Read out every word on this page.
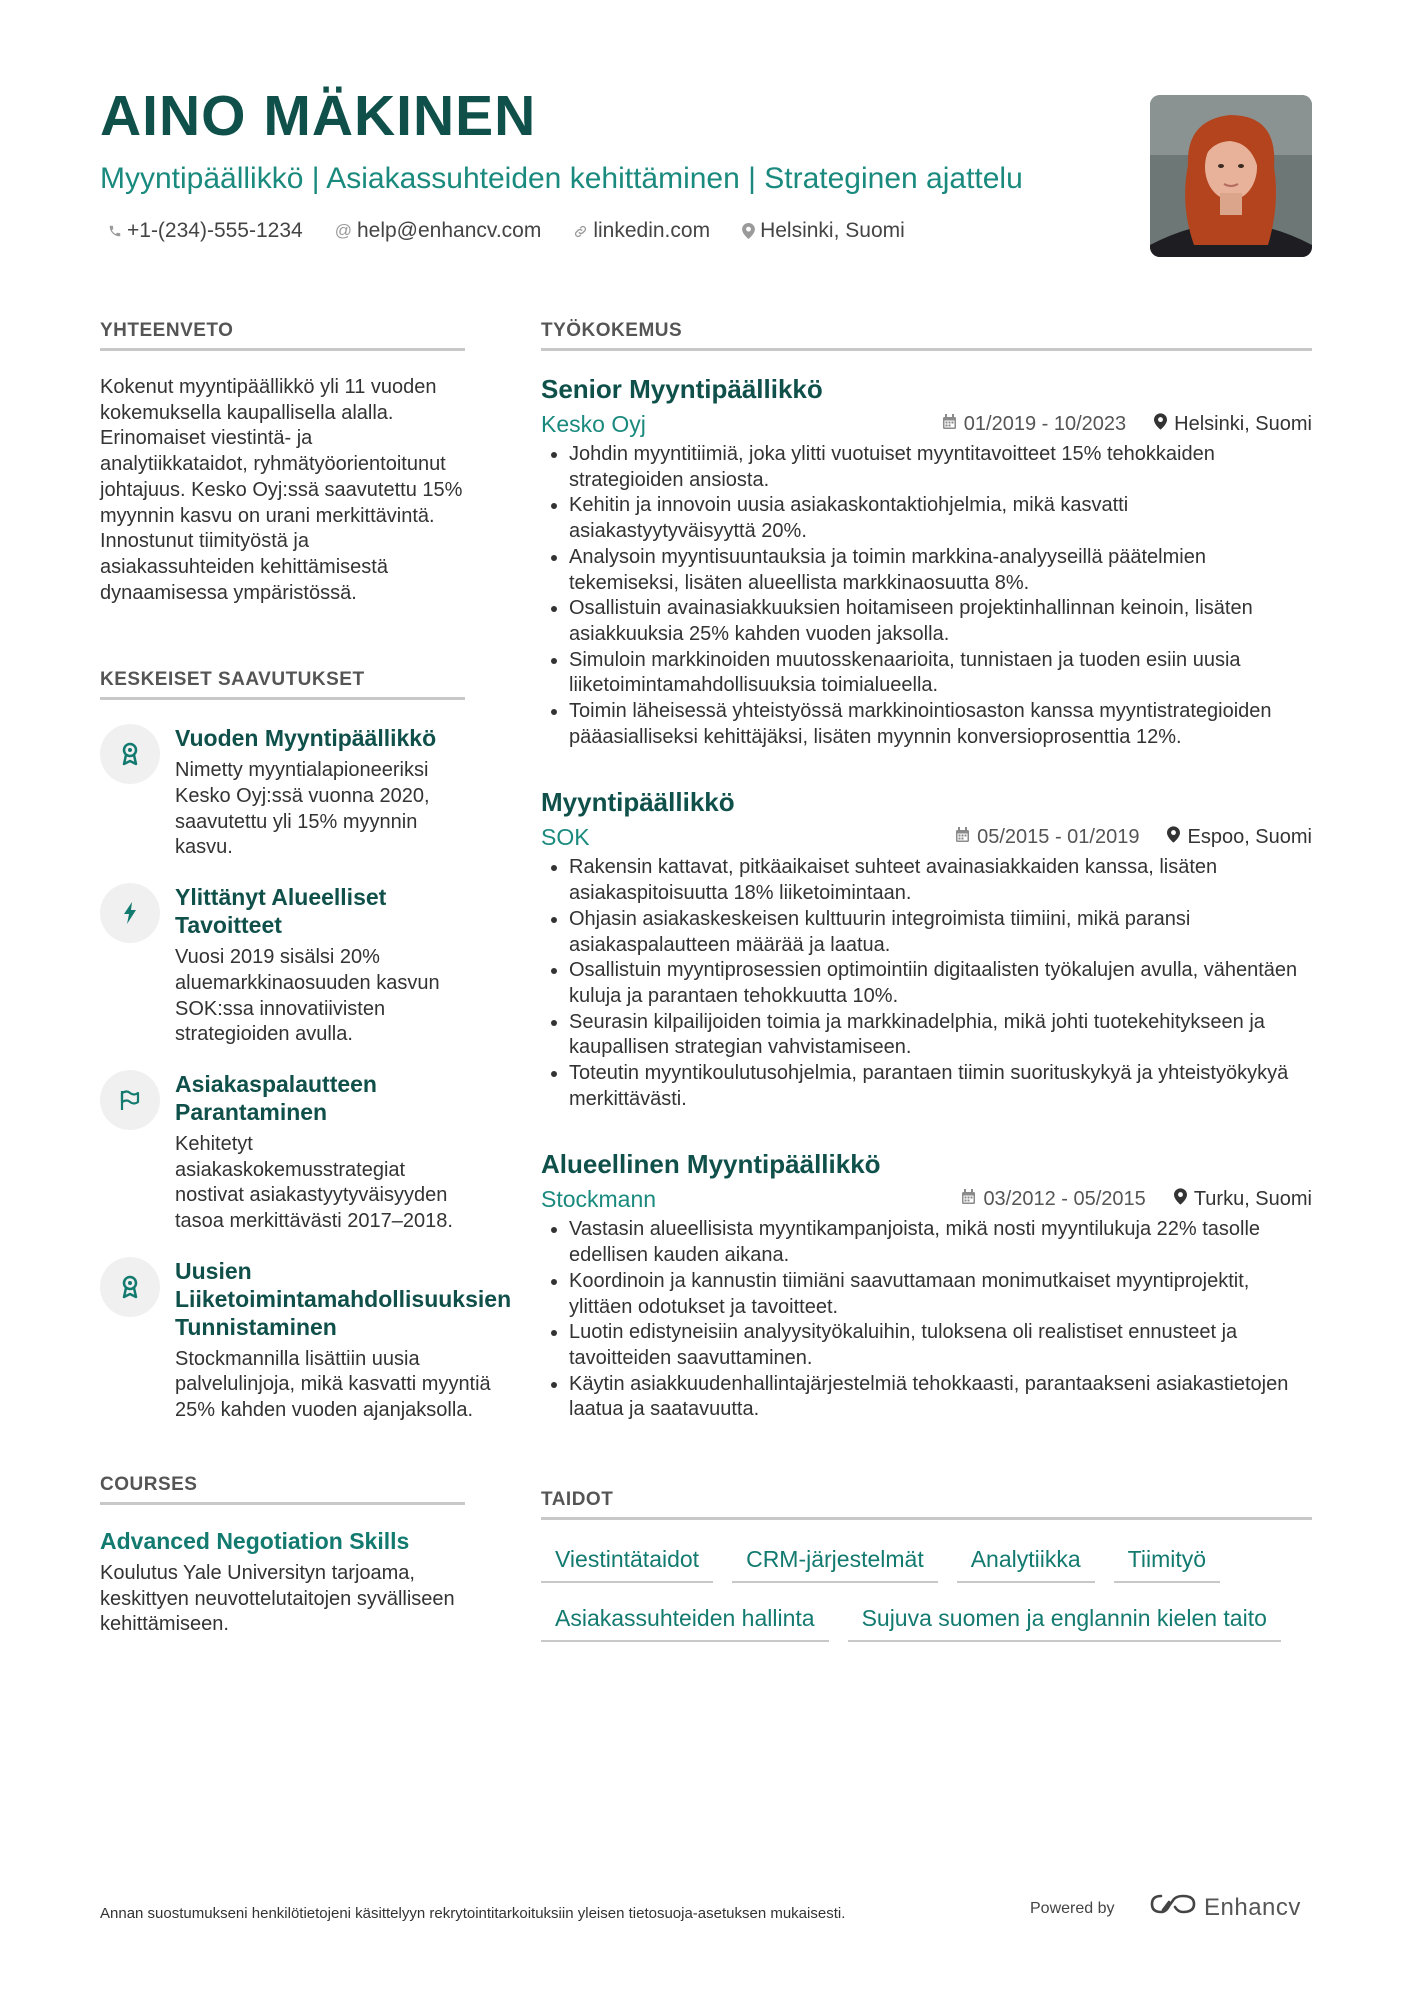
AINO MÄKINEN

Myyntipäällikkö | Asiakassuhteiden kehittäminen | Strateginen ajattelu

+1-(234)-555-1234 @ help@enhancv.com linkedin.com Helsinki, Suomi
YHTEENVETO

Kokenut myyntipäällikkö yli 11 vuoden kokemuksella kaupallisella alalla. Erinomaiset viestintä- ja analytiikkataidot, ryhmätyöorientoitunut johtajuus. Kesko Oyj:ssä saavutettu 15% myynnin kasvu on urani merkittävintä. Innostunut tiimityöstä ja asiakassuhteiden kehittämisestä dynaamisessa ympäristössä.

KESKEISET SAAVUTUKSET
Vuoden Myyntipäällikkö

Nimetty myyntialapioneeriksi Kesko Oyj:ssä vuonna 2020, saavutettu yli 15% myynnin kasvu.

Ylittänyt Alueelliset Tavoitteet

Vuosi 2019 sisälsi 20% aluemarkkinaosuuden kasvun SOK:ssa innovatiivisten strategioiden avulla.

Asiakaspalautteen Parantaminen

Kehitetyt asiakaskokemusstrategiat nostivat asiakastyytyväisyyden tasoa merkittävästi 2017–2018.

Uusien Liiketoimintamahdollisuuksien Tunnistaminen

Stockmannilla lisättiin uusia palvelulinjoja, mikä kasvatti myyntiä 25% kahden vuoden ajanjaksolla.

COURSES
Advanced Negotiation Skills

Koulutus Yale Universityn tarjoama, keskittyen neuvottelutaitojen syvälliseen kehittämiseen.

TYÖKOKEMUS
Senior Myyntipäällikkö
Kesko Oyj	01/2019 - 10/2023 Helsinki, Suomi
• Johdin myyntitiimiä, joka ylitti vuotuiset myyntitavoitteet 15% tehokkaiden strategioiden ansiosta.
• Kehitin ja innovoin uusia asiakaskontaktiohjelmia, mikä kasvatti asiakastyytyväisyyttä 20%.
• Analysoin myyntisuuntauksia ja toimin markkina-analyyseillä päätelmien tekemiseksi, lisäten alueellista markkinaosuutta 8%.
• Osallistuin avainasiakkuuksien hoitamiseen projektinhallinnan keinoin, lisäten asiakkuuksia 25% kahden vuoden jaksolla.
• Simuloin markkinoiden muutosskenaarioita, tunnistaen ja tuoden esiin uusia liiketoimintamahdollisuuksia toimialueella.
• Toimin läheisessä yhteistyössä markkinointiosaston kanssa myyntistrategioiden pääasialliseksi kehittäjäksi, lisäten myynnin konversioprosenttia 12%.
Myyntipäällikkö
SOK	05/2015 - 01/2019 Espoo, Suomi
• Rakensin kattavat, pitkäaikaiset suhteet avainasiakkaiden kanssa, lisäten asiakaspitoisuutta 18% liiketoimintaan.
• Ohjasin asiakaskeskeisen kulttuurin integroimista tiimiini, mikä paransi asiakaspalautteen määrää ja laatua.
• Osallistuin myyntiprosessien optimointiin digitaalisten työkalujen avulla, vähentäen kuluja ja parantaen tehokkuutta 10%.
• Seurasin kilpailijoiden toimia ja markkinadelphia, mikä johti tuotekehitykseen ja kaupallisen strategian vahvistamiseen.
• Toteutin myyntikoulutusohjelmia, parantaen tiimin suorituskykyä ja yhteistyökykyä merkittävästi.
Alueellinen Myyntipäällikkö
Stockmann	03/2012 - 05/2015 Turku, Suomi
• Vastasin alueellisista myyntikampanjoista, mikä nosti myyntilukuja 22% tasolle edellisen kauden aikana.
• Koordinoin ja kannustin tiimiäni saavuttamaan monimutkaiset myyntiprojektit, ylittäen odotukset ja tavoitteet.
• Luotin edistyneisiin analyysityökaluihin, tuloksena oli realistiset ennusteet ja tavoitteiden saavuttaminen.
• Käytin asiakkuudenhallintajärjestelmiä tehokkaasti, parantaakseni asiakastietojen laatua ja saatavuutta.
TAIDOT
Viestintätaidot	CRM-järjestelmät	Analytiikka	Tiimityö
Asiakassuhteiden hallinta	Sujuva suomen ja englannin kielen taito

Annan suostumukseni henkilötietojeni käsittelyyn rekrytointitarkoituksiin yleisen tietosuoja-asetuksen mukaisesti.	Powered by	Enhancv
